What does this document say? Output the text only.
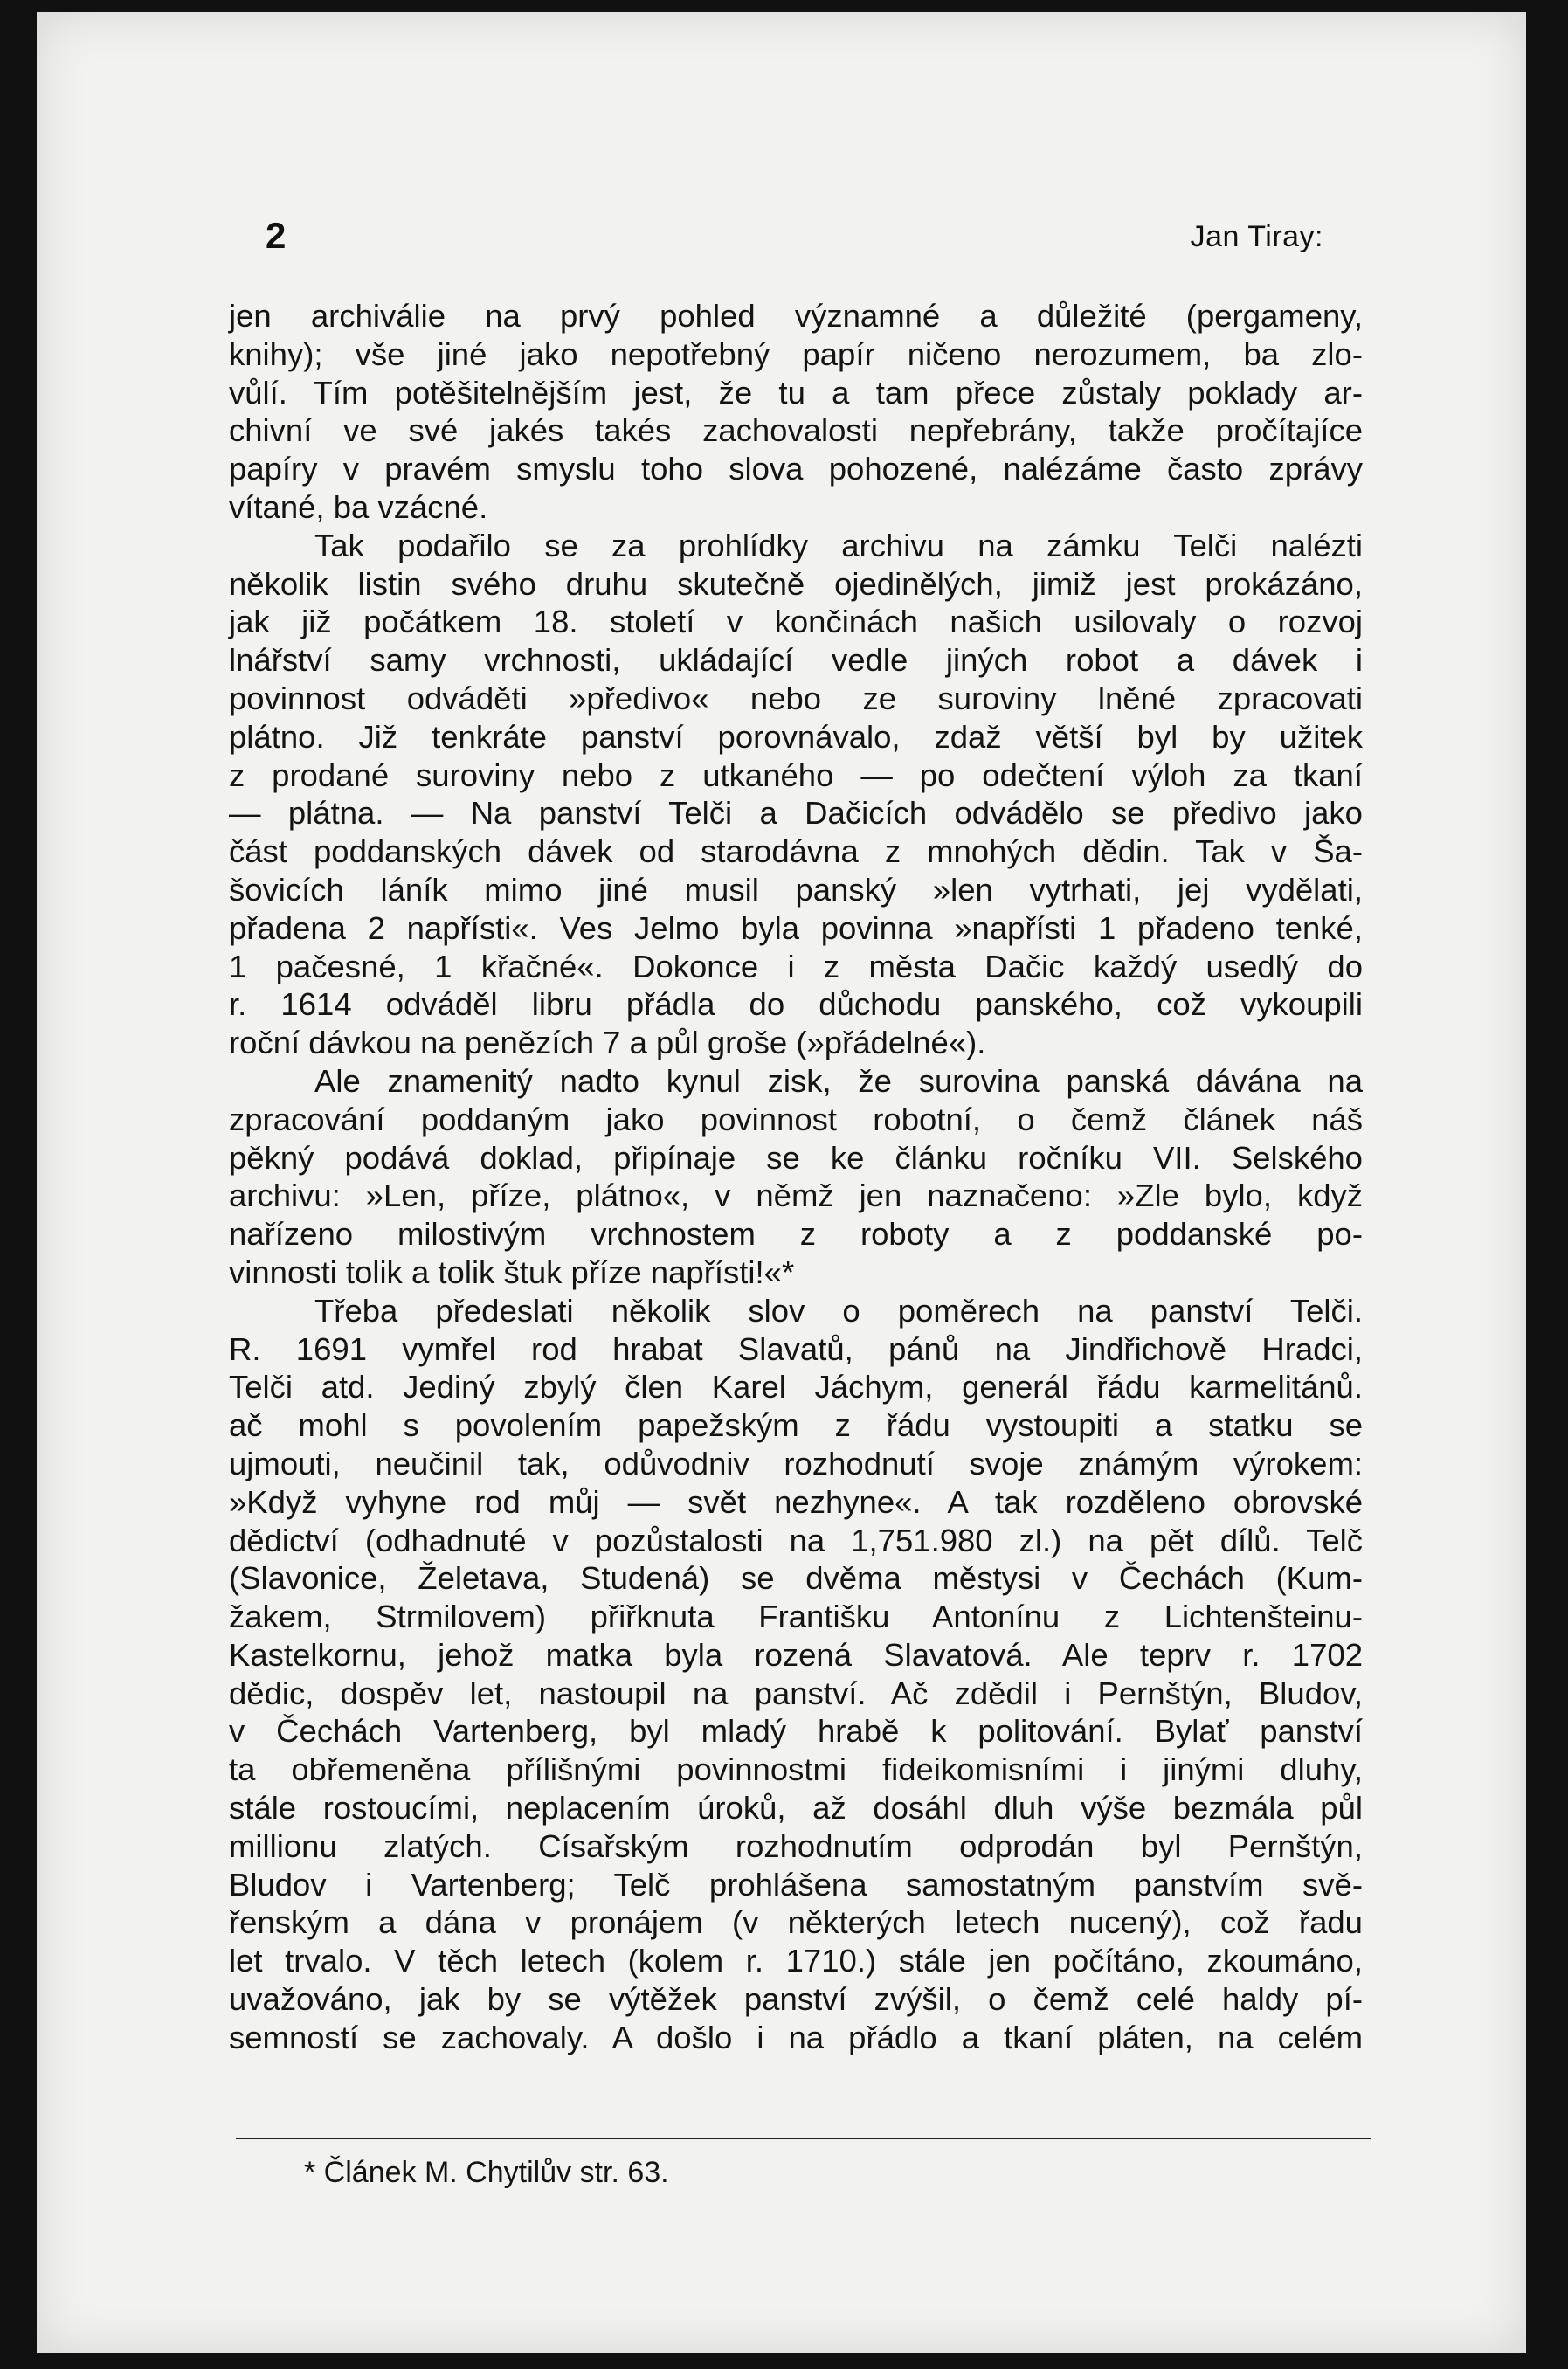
2	Jan Tiray:
jen archiválie na prvý pohled významné a důležité (pergameny,
knihy); vše jiné jako nepotřebný papír ničeno nerozumem, ba zlo-
vůlí. Tím potěšitelnějším jest, že tu a tam přece zůstaly poklady ar-
chivní ve své jakés takés zachovalosti nepřebrány, takže pročítajíce
papíry v pravém smyslu toho slova pohozené, nalézáme často zprávy
vítané, ba vzácné.
Tak podařilo se za prohlídky archivu na zámku Telči nalézti
několik listin svého druhu skutečně ojedinělých, jimiž jest prokázáno,
jak již počátkem 18. století v končinách našich usilovaly o rozvoj
lnářství samy vrchnosti, ukládající vedle jiných robot a dávek i
povinnost odváděti »předivo« nebo ze suroviny lněné zpracovati
plátno. Již tenkráte panství porovnávalo, zdaž větší byl by užitek
z prodané suroviny nebo z utkaného — po odečtení výloh za tkaní
— plátna. — Na panství Telči a Dačicích odvádělo se předivo jako
část poddanských dávek od starodávna z mnohých dědin. Tak v Ša-
šovicích láník mimo jiné musil panský »len vytrhati, jej vydělati,
přadena 2 napřísti«. Ves Jelmo byla povinna »napřísti 1 přadeno tenké,
1 pačesné, 1 křačné«. Dokonce i z města Dačic každý usedlý do
r. 1614 odváděl libru přádla do důchodu panského, což vykoupili
roční dávkou na penězích 7 a půl groše (»přádelné«).
Ale znamenitý nadto kynul zisk, že surovina panská dávána na
zpracování poddaným jako povinnost robotní, o čemž článek náš
pěkný podává doklad, připínaje se ke článku ročníku VII. Selského
archivu: »Len, příze, plátno«, v němž jen naznačeno: »Zle bylo, když
nařízeno milostivým vrchnostem z roboty a z poddanské po-
vinnosti tolik a tolik štuk příze napřísti!«*
Třeba předeslati několik slov o poměrech na panství Telči.
R. 1691 vymřel rod hrabat Slavatů, pánů na Jindřichově Hradci,
Telči atd. Jediný zbylý člen Karel Jáchym, generál řádu karmelitánů.
ač mohl s povolením papežským z řádu vystoupiti a statku se
ujmouti, neučinil tak, odůvodniv rozhodnutí svoje známým výrokem:
»Když vyhyne rod můj — svět nezhyne«. A tak rozděleno obrovské
dědictví (odhadnuté v pozůstalosti na 1,751.980 zl.) na pět dílů. Telč
(Slavonice, Želetava, Studená) se dvěma městysi v Čechách (Kum-
žakem, Strmilovem) přiřknuta Františku Antonínu z Lichtenšteinu-
Kastelkornu, jehož matka byla rozená Slavatová. Ale teprv r. 1702
dědic, dospěv let, nastoupil na panství. Ač zdědil i Pernštýn, Bludov,
v Čechách Vartenberg, byl mladý hrabě k politování. Bylať panství
ta obřemeněna přílišnými povinnostmi fideikomisními i jinými dluhy,
stále rostoucími, neplacením úroků, až dosáhl dluh výše bezmála půl
millionu zlatých. Císařským rozhodnutím odprodán byl Pernštýn,
Bludov i Vartenberg; Telč prohlášena samostatným panstvím svě-
řenským a dána v pronájem (v některých letech nucený), což řadu
let trvalo. V těch letech (kolem r. 1710.) stále jen počítáno, zkoumáno,
uvažováno, jak by se výtěžek panství zvýšil, o čemž celé haldy pí-
semností se zachovaly. A došlo i na přádlo a tkaní pláten, na celém
* Článek M. Chytilův str. 63.
